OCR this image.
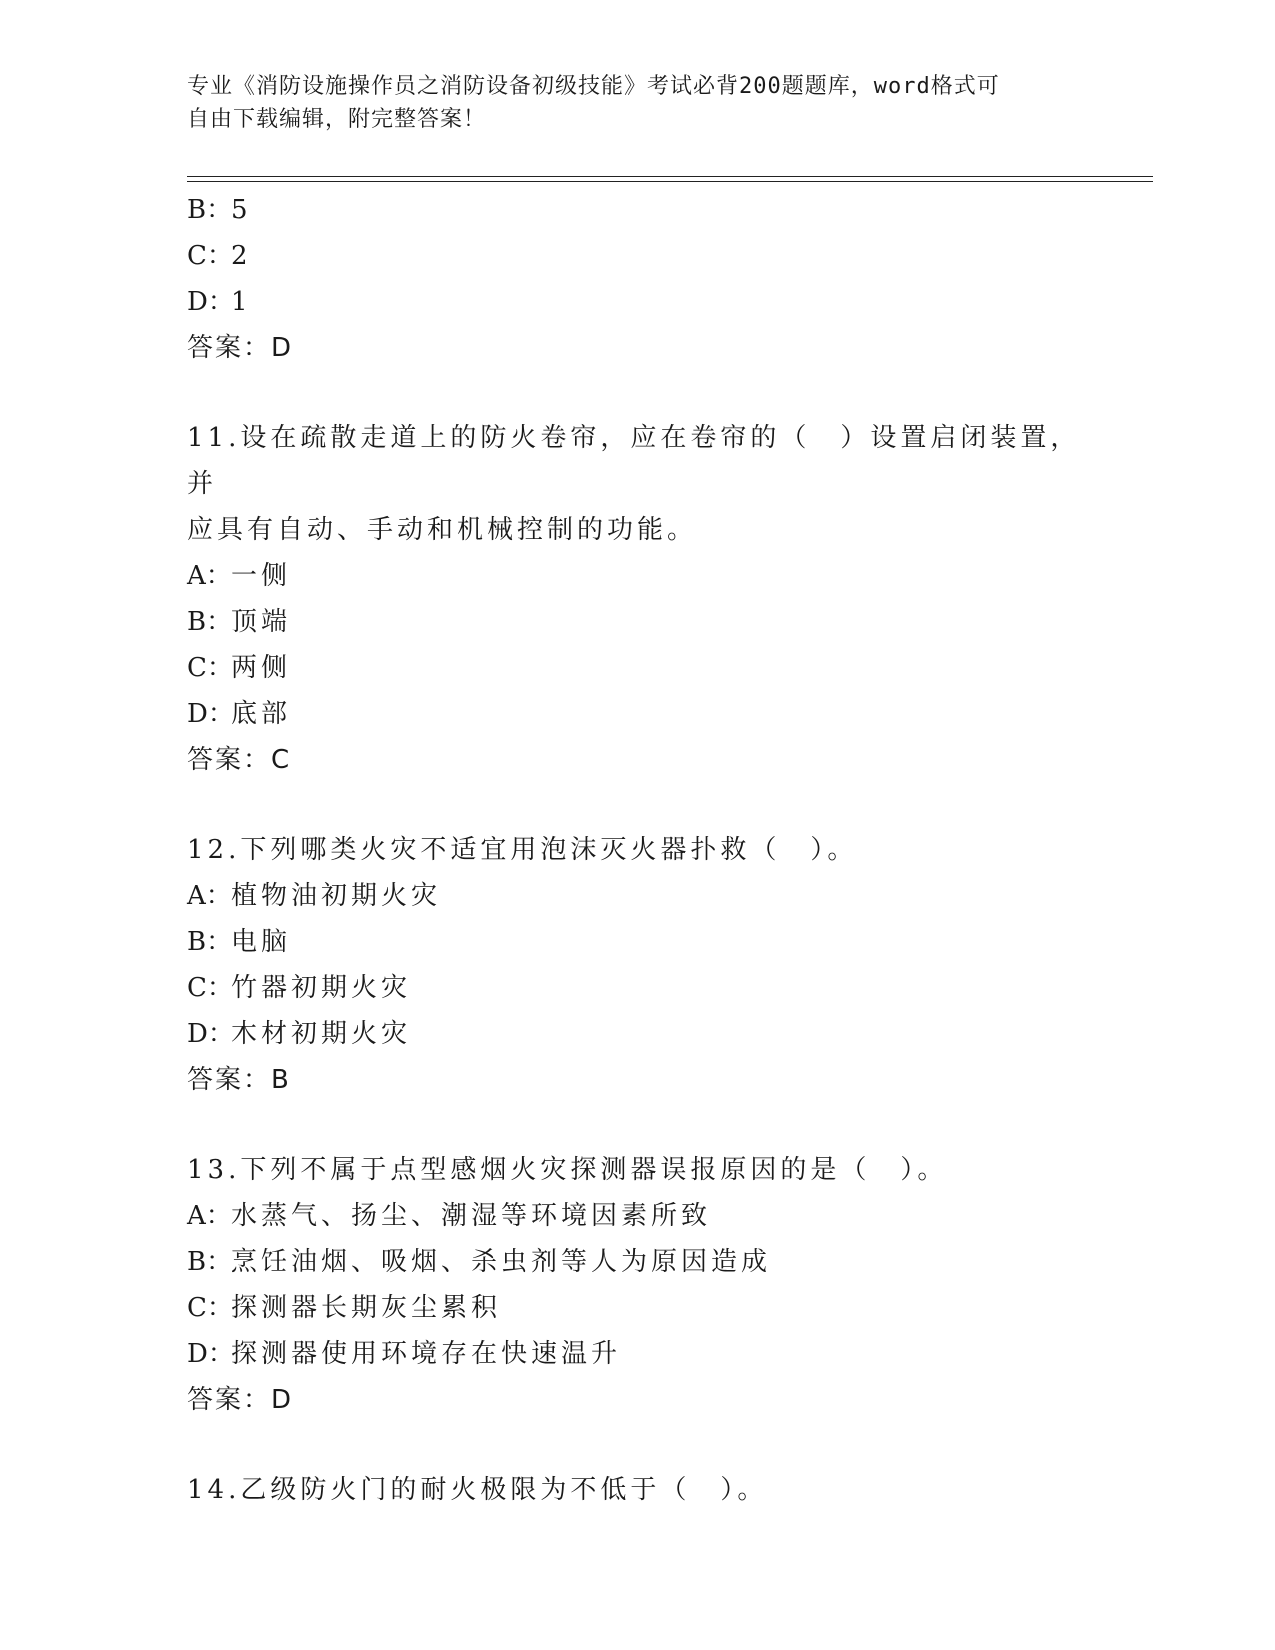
专业《消防设施操作员之消防设备初级技能》考试必背200题题库，word格式可
自由下载编辑，附完整答案！
B：5
C：2
D：1
答案：D
11.设在疏散走道上的防火卷帘，应在卷帘的（　）设置启闭装置，并
应具有自动、手动和机械控制的功能。
A：一侧
B：顶端
C：两侧
D：底部
答案：C
12.下列哪类火灾不适宜用泡沫灭火器扑救（　）。
A：植物油初期火灾
B：电脑
C：竹器初期火灾
D：木材初期火灾
答案：B
13.下列不属于点型感烟火灾探测器误报原因的是（　）。
A：水蒸气、扬尘、潮湿等环境因素所致
B：烹饪油烟、吸烟、杀虫剂等人为原因造成
C：探测器长期灰尘累积
D：探测器使用环境存在快速温升
答案：D
14.乙级防火门的耐火极限为不低于（　）。
